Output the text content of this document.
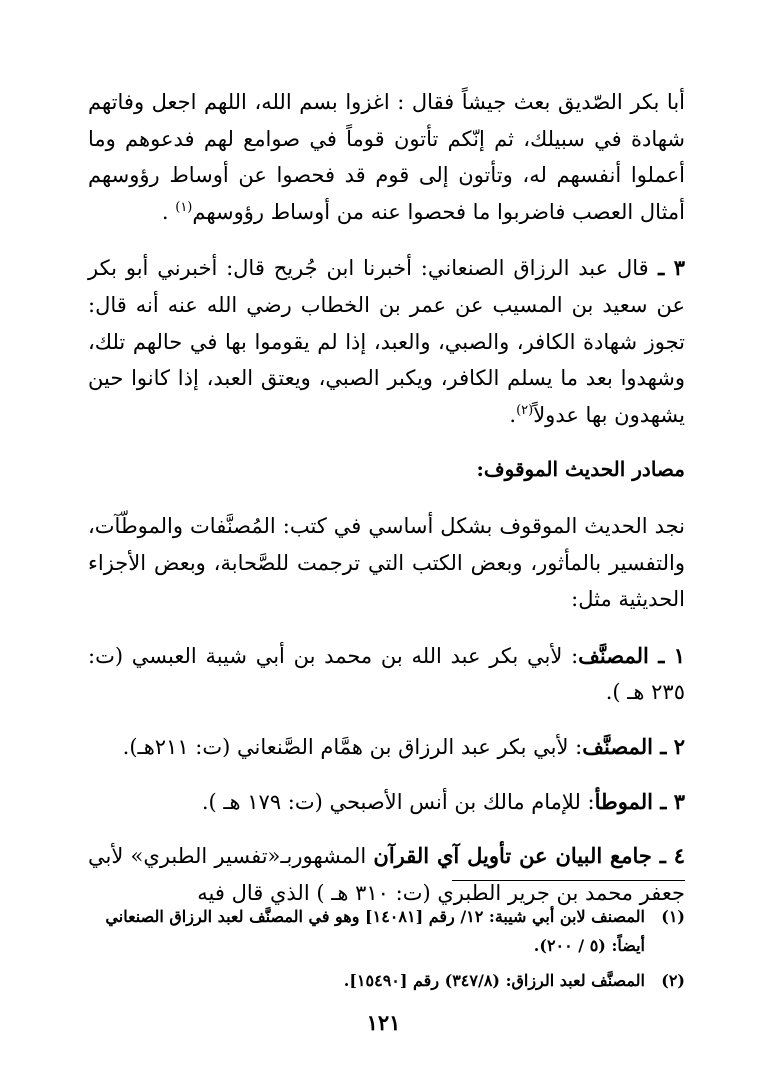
أبا بكر الصّديق بعث جيشاً فقال : اغزوا بسم الله، اللهم اجعل وفاتهم شهادة في سبيلك، ثم إنّكم تأتون قوماً في صوامع لهم فدعوهم وما أعملوا أنفسهم له، وتأتون إلى قوم قد فحصوا عن أوساط رؤوسهم أمثال العصب فاضربوا ما فحصوا عنه من أوساط رؤوسهم$^{(١)}$ .

٣ ـ قال عبد الرزاق الصنعاني: أخبرنا ابن جُريح قال: أخبرني أبو بكر عن سعيد بن المسيب عن عمر بن الخطاب رضي الله عنه أنه قال: تجوز شهادة الكافر، والصبي، والعبد، إذا لم يقوموا بها في حالهم تلك، وشهدوا بعد ما يسلم الكافر، ويكبر الصبي، ويعتق العبد، إذا كانوا حين يشهدون بها عدولاً$^{(٢)}$.

مصادر الحديث الموقوف:

نجد الحديث الموقوف بشكل أساسي في كتب: المُصنَّفات والموطّآت، والتفسير بالمأثور، وبعض الكتب التي ترجمت للصَّحابة، وبعض الأجزاء الحديثية مثل:

١ ـ المصنَّف: لأبي بكر عبد الله بن محمد بن أبي شيبة العبسي (ت: ٢٣٥ هـ ).
٢ ـ المصنَّف: لأبي بكر عبد الرزاق بن همَّام الصَّنعاني (ت: ٢١١هـ).
٣ ـ الموطأ: للإمام مالك بن أنس الأصبحي (ت: ١٧٩ هـ ).
٤ ـ جامع البيان عن تأويل آي القرآن المشهوربـ«تفسير الطبري» لأبي جعفر محمد بن جرير الطبري (ت: ٣١٠ هـ ) الذي قال فيه
(١)
المصنف لابن أبي شيبة: ١٢/ رقم [١٤٠٨١] وهو في المصنَّف لعبد الرزاق الصنعاني أيضاً: (٥ / ٢٠٠).
(٢)
المصنَّف لعبد الرزاق: (٣٤٧/٨) رقم [١٥٤٩٠].
١٢١
